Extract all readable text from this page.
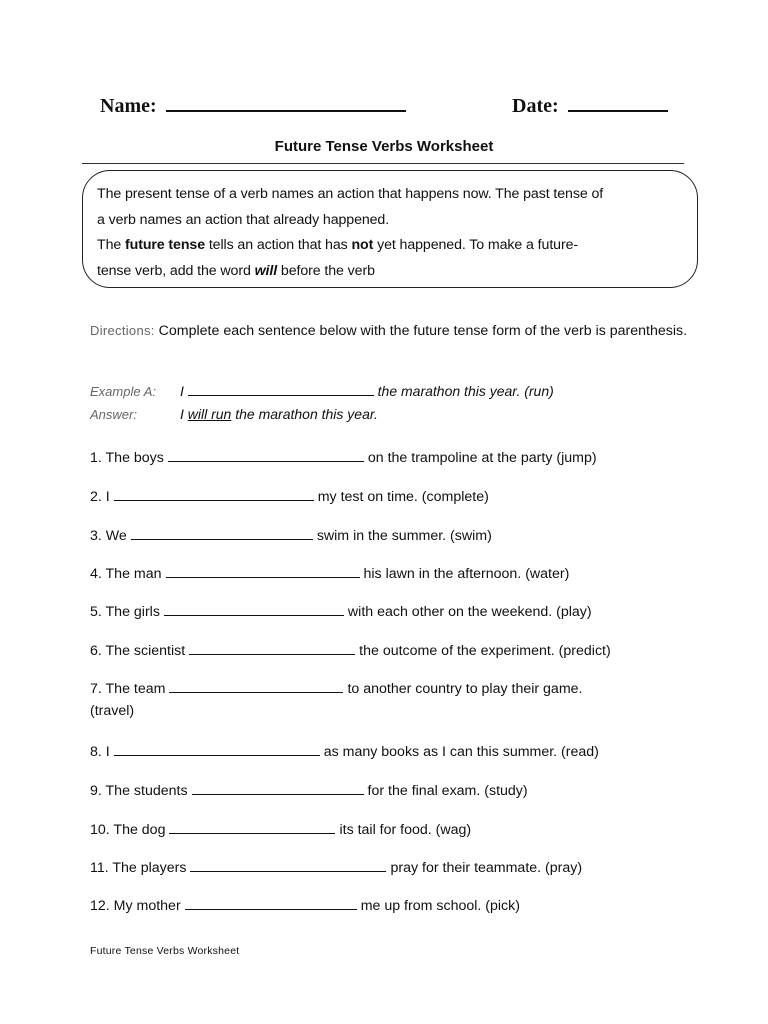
Name:	Date:
Future Tense Verbs Worksheet
The present tense of a verb names an action that happens now. The past tense of
a verb names an action that already happened.
The future tense tells an action that has not yet happened. To make a future-
tense verb, add the word will before the verb
Directions: Complete each sentence below with the future tense form of the verb is parenthesis.
Example A: I	the marathon this year. (run)
Answer:	I will run the marathon this year.
1. The boys	on the trampoline at the party (jump)
2. I	my test on time. (complete)
3. We	swim in the summer. (swim)
4. The man	his lawn in the afternoon. (water)
5. The girls	with each other on the weekend. (play)
6. The scientist	the outcome of the experiment. (predict)
7. The team	to another country to play their game.
(travel)
8. I	as many books as I can this summer. (read)
9. The students	for the final exam. (study)
10. The dog	its tail for food. (wag)
11. The players	pray for their teammate. (pray)
12. My mother	me up from school. (pick)
Future Tense Verbs Worksheet
